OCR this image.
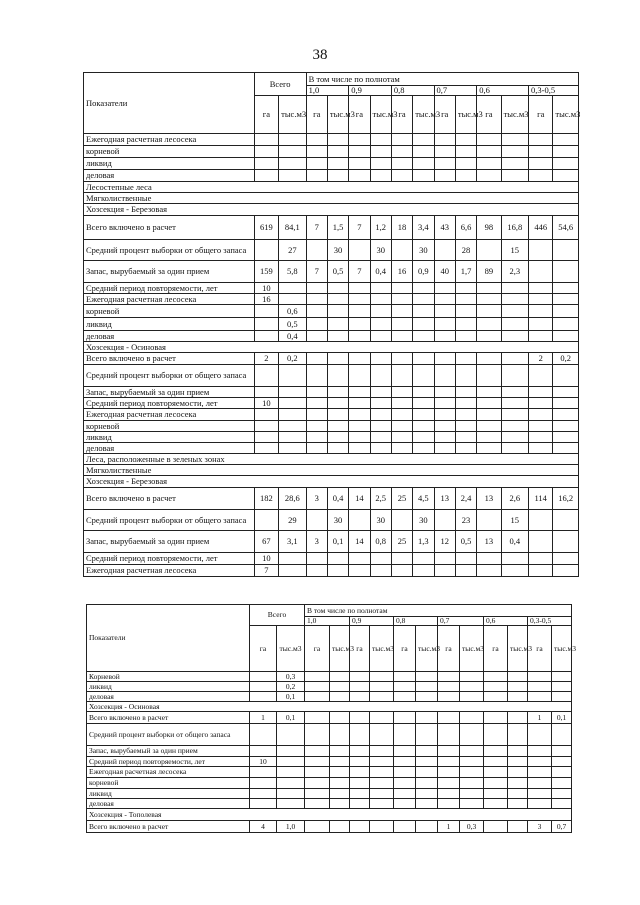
38
Показатели	Всего		В том числе по полнотам											
			1,0		0,9		0,8		0,7		0,6		0,3-0,5	
	га	тыс.м3	га	тыс.м3	га	тыс.м3	га	тыс.м3	га	тыс.м3	га	тыс.м3	га	тыс.м3
Ежегодная расчетная лесосека														
корневой														
ликвид														
деловая														
Лесостепные леса														
Мягколиственные														
Хозсекция - Березовая														
Всего включено в расчет	619	84,1	7	1,5	7	1,2	18	3,4	43	6,6	98	16,8	446	54,6
Средний процент выборки от общего запаса		27		30		30		30		28		15		
Запас, вырубаемый за один прием	159	5,8	7	0,5	7	0,4	16	0,9	40	1,7	89	2,3		
Средний период повторяемости, лет	10													
Ежегодная расчетная лесосека	16													
корневой		0,6												
ликвид		0,5												
деловая		0,4												
Хозсекция - Осиновая														
Всего включено в расчет	2	0,2											2	0,2
Средний процент выборки от общего запаса														
Запас, вырубаемый за один прием														
Средний период повторяемости, лет	10													
Ежегодная расчетная лесосека														
корневой														
ликвид														
деловая														
Леса, расположенные в зеленых зонах														
Мягколиственные														
Хозсекция - Березовая														
Всего включено в расчет	182	28,6	3	0,4	14	2,5	25	4,5	13	2,4	13	2,6	114	16,2
Средний процент выборки от общего запаса		29		30		30		30		23		15		
Запас, вырубаемый за один прием	67	3,1	3	0,1	14	0,8	25	1,3	12	0,5	13	0,4		
Средний период повторяемости, лет	10													
Ежегодная расчетная лесосека	7													
Показатели	Всего		В том числе по полнотам											
			1,0		0,9		0,8		0,7		0,6		0,3-0,5	
	га	тыс.м3	га	тыс.м3	га	тыс.м3	га	тыс.м3	га	тыс.м3	га	тыс.м3	га	тыс.м3
Корневой		0,3												
ликвид		0,2												
деловая		0,1												
Хозсекция - Осиновая														
Всего включено в расчет	1	0,1											1	0,1
Средний процент выборки от общего запаса														
Запас, вырубаемый за один прием														
Средний период повторяемости, лет	10													
Ежегодная расчетная лесосека														
корневой														
ликвид														
деловая														
Хозсекция - Тополевая														
Всего включено в расчет	4	1,0							1	0,3			3	0,7
